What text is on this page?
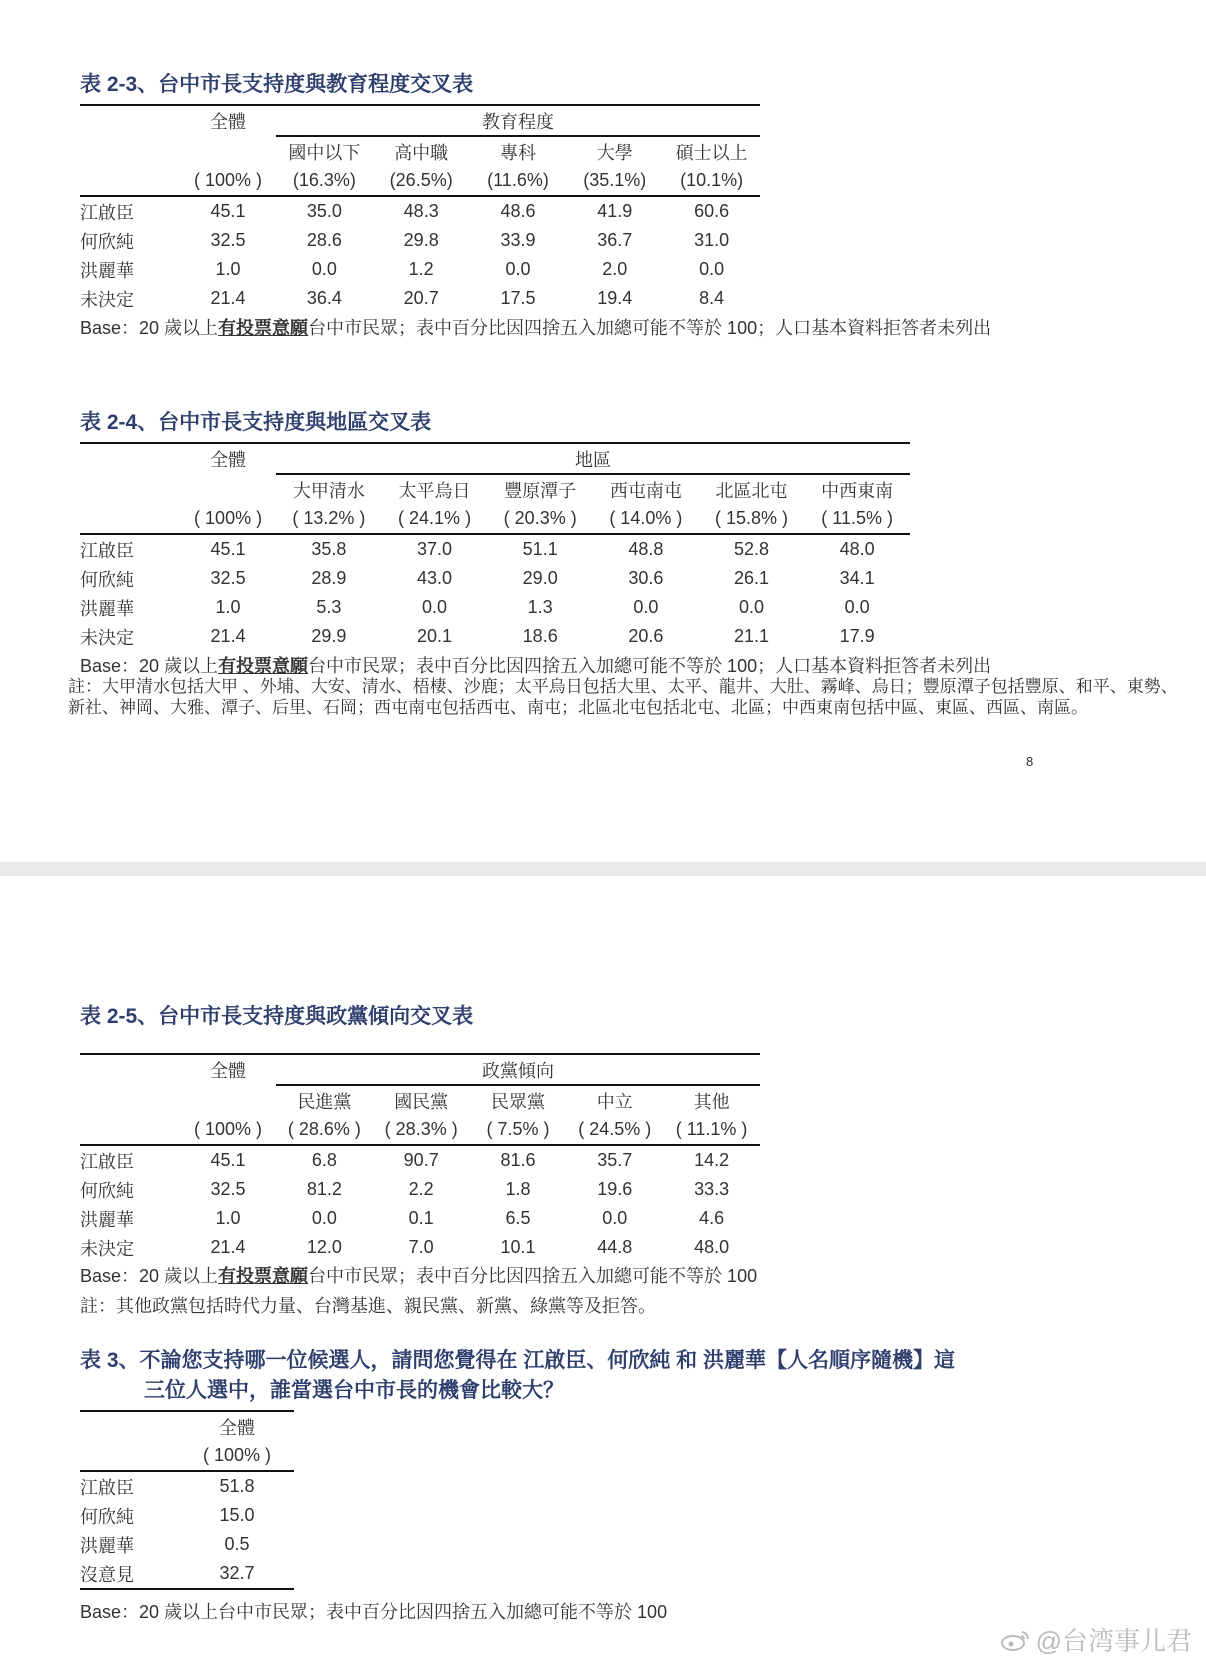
表 2-3、台中市長支持度與教育程度交叉表
	全體	教育程度				
		國中以下	高中職	專科	大學	碩士以上
	( 100% )	(16.3%)	(26.5%)	(11.6%)	(35.1%)	(10.1%)
江啟臣	45.1	35.0	48.3	48.6	41.9	60.6
何欣純	32.5	28.6	29.8	33.9	36.7	31.0
洪麗華	1.0	0.0	1.2	0.0	2.0	0.0
未決定	21.4	36.4	20.7	17.5	19.4	8.4
Base：20 歲以上有投票意願台中市民眾；表中百分比因四捨五入加總可能不等於 100；人口基本資料拒答者未列出
表 2-4、台中市長支持度與地區交叉表
	全體	地區					
		大甲清水	太平烏日	豐原潭子	西屯南屯	北區北屯	中西東南
	( 100% )	( 13.2% )	( 24.1% )	( 20.3% )	( 14.0% )	( 15.8% )	( 11.5% )
江啟臣	45.1	35.8	37.0	51.1	48.8	52.8	48.0
何欣純	32.5	28.9	43.0	29.0	30.6	26.1	34.1
洪麗華	1.0	5.3	0.0	1.3	0.0	0.0	0.0
未決定	21.4	29.9	20.1	18.6	20.6	21.1	17.9
Base：20 歲以上有投票意願台中市民眾；表中百分比因四捨五入加總可能不等於 100；人口基本資料拒答者未列出
註：大甲清水包括大甲 、外埔、大安、清水、梧棲、沙鹿；太平烏日包括大里、太平、龍井、大肚、霧峰、烏日；豐原潭子包括豐原、和平、東勢、新社、神岡、大雅、潭子、后里、石岡；西屯南屯包括西屯、南屯；北區北屯包括北屯、北區；中西東南包括中區、東區、西區、南區。
8
表 2-5、台中市長支持度與政黨傾向交叉表
	全體	政黨傾向				
		民進黨	國民黨	民眾黨	中立	其他
	( 100% )	( 28.6% )	( 28.3% )	( 7.5% )	( 24.5% )	( 11.1% )
江啟臣	45.1	6.8	90.7	81.6	35.7	14.2
何欣純	32.5	81.2	2.2	1.8	19.6	33.3
洪麗華	1.0	0.0	0.1	6.5	0.0	4.6
未決定	21.4	12.0	7.0	10.1	44.8	48.0
Base：20 歲以上有投票意願台中市民眾；表中百分比因四捨五入加總可能不等於 100
註：其他政黨包括時代力量、台灣基進、親民黨、新黨、綠黨等及拒答。
表 3、不論您支持哪一位候選人，請問您覺得在 江啟臣、何欣純 和 洪麗華【人名順序隨機】這
三位人選中，誰當選台中市長的機會比較大？
	全體
	( 100% )
江啟臣	51.8
何欣純	15.0
洪麗華	0.5
沒意見	32.7
Base：20 歲以上台中市民眾；表中百分比因四捨五入加總可能不等於 100
@台湾事儿君
